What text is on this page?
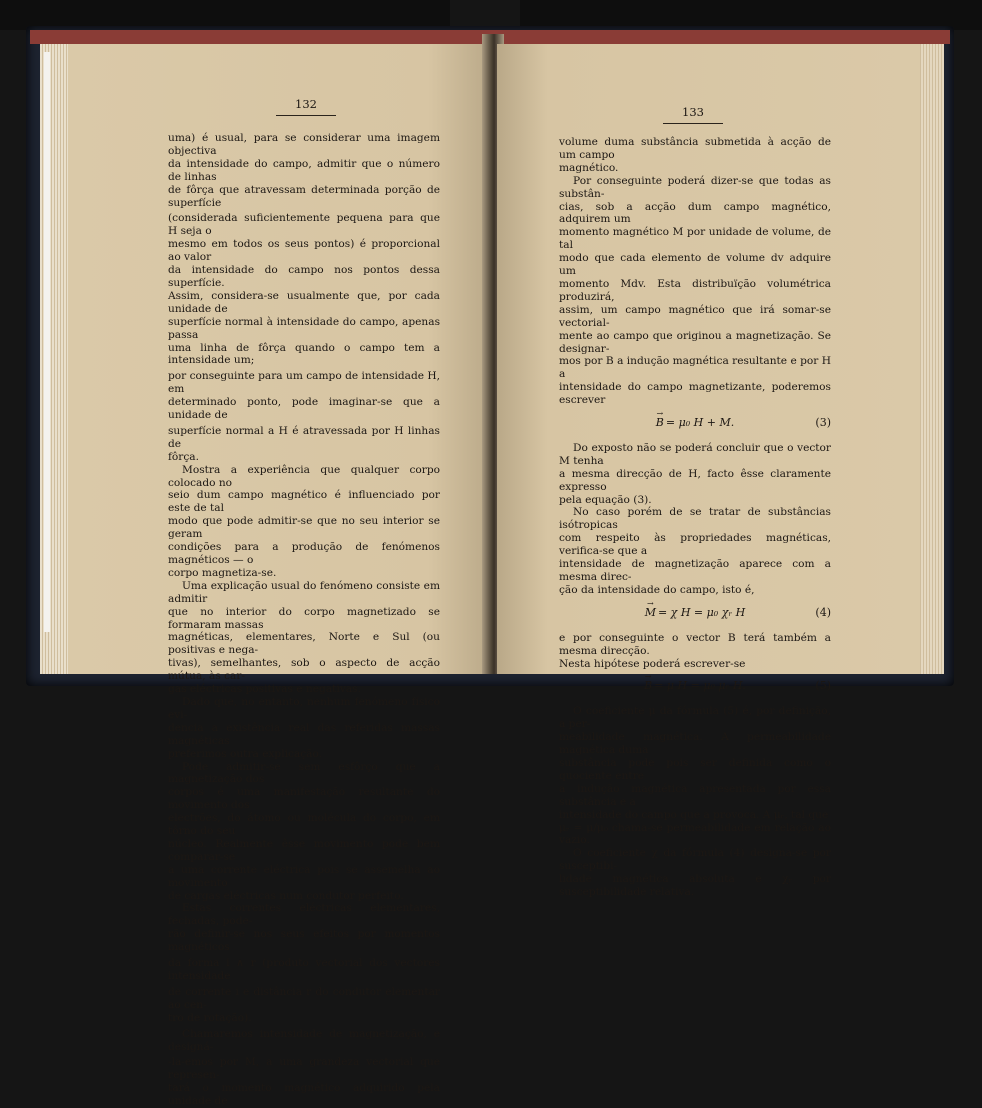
132

uma) é usual, para se considerar uma imagem objectiva

da intensidade do campo, admitir que o número de linhas

de fôrça que atravessam determinada porção de superfície

(considerada suficientemente pequena para que H seja o

mesmo em todos os seus pontos) é proporcional ao valor

da intensidade do campo nos pontos dessa superfície.

Assim, considera-se usualmente que, por cada unidade de

superfície normal à intensidade do campo, apenas passa

uma linha de fôrça quando o campo tem a intensidade um;

por conseguinte para um campo de intensidade H, em

determinado ponto, pode imaginar-se que a unidade de

superfície normal a H é atravessada por H linhas de

fôrça.

Mostra a experiência que qualquer corpo colocado no

seio dum campo magnético é influenciado por este de tal

modo que pode admitir-se que no seu interior se geram

condições para a produção de fenómenos magnéticos — o

corpo magnetiza-se.

Uma explicação usual do fenómeno consiste em admitir

que no interior do corpo magnetizado se formaram massas

magnéticas, elementares, Norte e Sul (ou positivas e nega-

tivas), semelhantes, sob o aspecto de acção mútua, às car-

gas eléctricas positivas e negativas.

Dado que, no entanto, nenhum fenómeno físico evi-

dencia a existência real das referidas massas magnéticas

preferimos outra explicação.

Pode admitir-se sem esfôrço que a magnetização dos

corpos é uma manifestação resultante do movimento dos

electrões, do átomo ou molécula do corpo, em tôrno do seu

núcleo. Realmente êsse movimento pode bem comparar-se

a uma corrente eléctrica pois se assemelha ao movimento

de cargas eléctricas num condutor perfeito.

Estas correntes eléctricas elementares, fechadas, pode-

rão definir-se nos seus efeitos por momentos magnéticos

da forma i ∧ r (produto vectorial dos vectores intensidade

de corrente i e distância r do condutor elementar ao cen-

tro de rotação).

Chamaremos intensidade de magnetização, e designá-

-la-emos por M, a uma grandeza vectorial que represen-

tará o momento magnético adquirido pela unidade de

133

volume duma substância submetida à acção de um campo

magnético.

Por conseguinte poderá dizer-se que todas as substân-

cias, sob a acção dum campo magnético, adquirem um

momento magnético M por unidade de volume, de tal

modo que cada elemento de volume dv adquire um

momento Mdv. Esta distribuïção volumétrica produzirá,

assim, um campo magnético que irá somar-se vectorial-

mente ao campo que originou a magnetização. Se designar-

mos por B a indução magnética resultante e por H a

intensidade do campo magnetizante, poderemos escrever

→ B = μ₀ H + M.	(3)

Do exposto não se poderá concluir que o vector M tenha

a mesma direcção de H, facto êsse claramente expresso

pela equação (3).

No caso porém de se tratar de substâncias isótropicas

com respeito às propriedades magnéticas, verifica-se que a

intensidade de magnetização aparece com a mesma direc-

ção da intensidade do campo, isto é,

→ M = χ H = μ₀ χᵣ H	(4)

e por conseguinte o vector B terá também a mesma direcção.

Nesta hipótese poderá escrever-se

→ B = μ H = μ₀ μᵣ H.	(5)

O coeficiente μ da fórmula (5) é, por definição, a per-

meabilidade magnética. A permeabilidade magnética duma

substância pode pois ser definida como o quociente entre

a indução magnética apresentada por essa substância e a

intensidade do campo que a provoca. A μᵣ, tal que

μᵣ = μ/μ₀ chama-se permeabilidade em relação ao vazio.

O coeficiente χ da fórmula (4) designa-se por susceptibi-

lidade magnética absoluta e χᵣ por susceptibilidade relativa.
